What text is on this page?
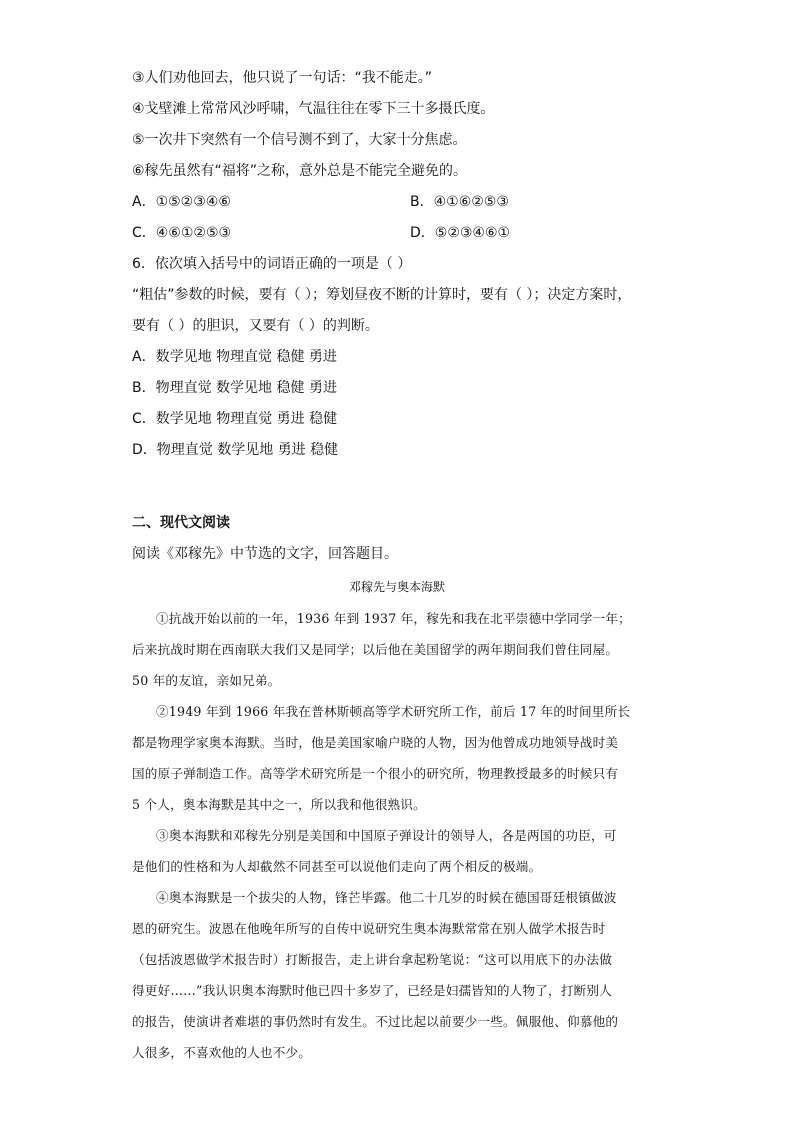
③人们劝他回去，他只说了一句话：“我不能走。”
④戈壁滩上常常风沙呼啸，气温往往在零下三十多摄氏度。
⑤一次井下突然有一个信号测不到了，大家十分焦虑。
⑥稼先虽然有“福将”之称，意外总是不能完全避免的。
A．①⑤②③④⑥	B．④①⑥②⑤③
C．④⑥①②⑤③	D．⑤②③④⑥①
6．依次填入括号中的词语正确的一项是（ ）
“粗估”参数的时候，要有（ ）；筹划昼夜不断的计算时，要有（ ）；决定方案时，
要有（ ）的胆识，又要有（ ）的判断。
A．数学见地 物理直觉 稳健 勇进
B．物理直觉 数学见地 稳健 勇进
C．数学见地 物理直觉 勇进 稳健
D．物理直觉 数学见地 勇进 稳健
二、现代文阅读
阅读《邓稼先》中节选的文字，回答题目。
邓稼先与奥本海默
①抗战开始以前的一年，1936 年到 1937 年，稼先和我在北平崇德中学同学一年；
后来抗战时期在西南联大我们又是同学；以后他在美国留学的两年期间我们曾住同屋。
50 年的友谊，亲如兄弟。
②1949 年到 1966 年我在普林斯顿高等学术研究所工作，前后 17 年的时间里所长
都是物理学家奥本海默。当时，他是美国家喻户晓的人物，因为他曾成功地领导战时美
国的原子弹制造工作。高等学术研究所是一个很小的研究所，物理教授最多的时候只有
5 个人，奥本海默是其中之一，所以我和他很熟识。
③奥本海默和邓稼先分别是美国和中国原子弹设计的领导人，各是两国的功臣，可
是他们的性格和为人却截然不同甚至可以说他们走向了两个相反的极端。
④奥本海默是一个拔尖的人物，锋芒毕露。他二十几岁的时候在德国哥廷根镇做波
恩的研究生。波恩在他晚年所写的自传中说研究生奥本海默常常在别人做学术报告时
（包括波恩做学术报告时）打断报告，走上讲台拿起粉笔说：“这可以用底下的办法做
得更好……”我认识奥本海默时他已四十多岁了，已经是妇孺皆知的人物了，打断别人
的报告，使演讲者难堪的事仍然时有发生。不过比起以前要少一些。佩服他、仰慕他的
人很多，不喜欢他的人也不少。
